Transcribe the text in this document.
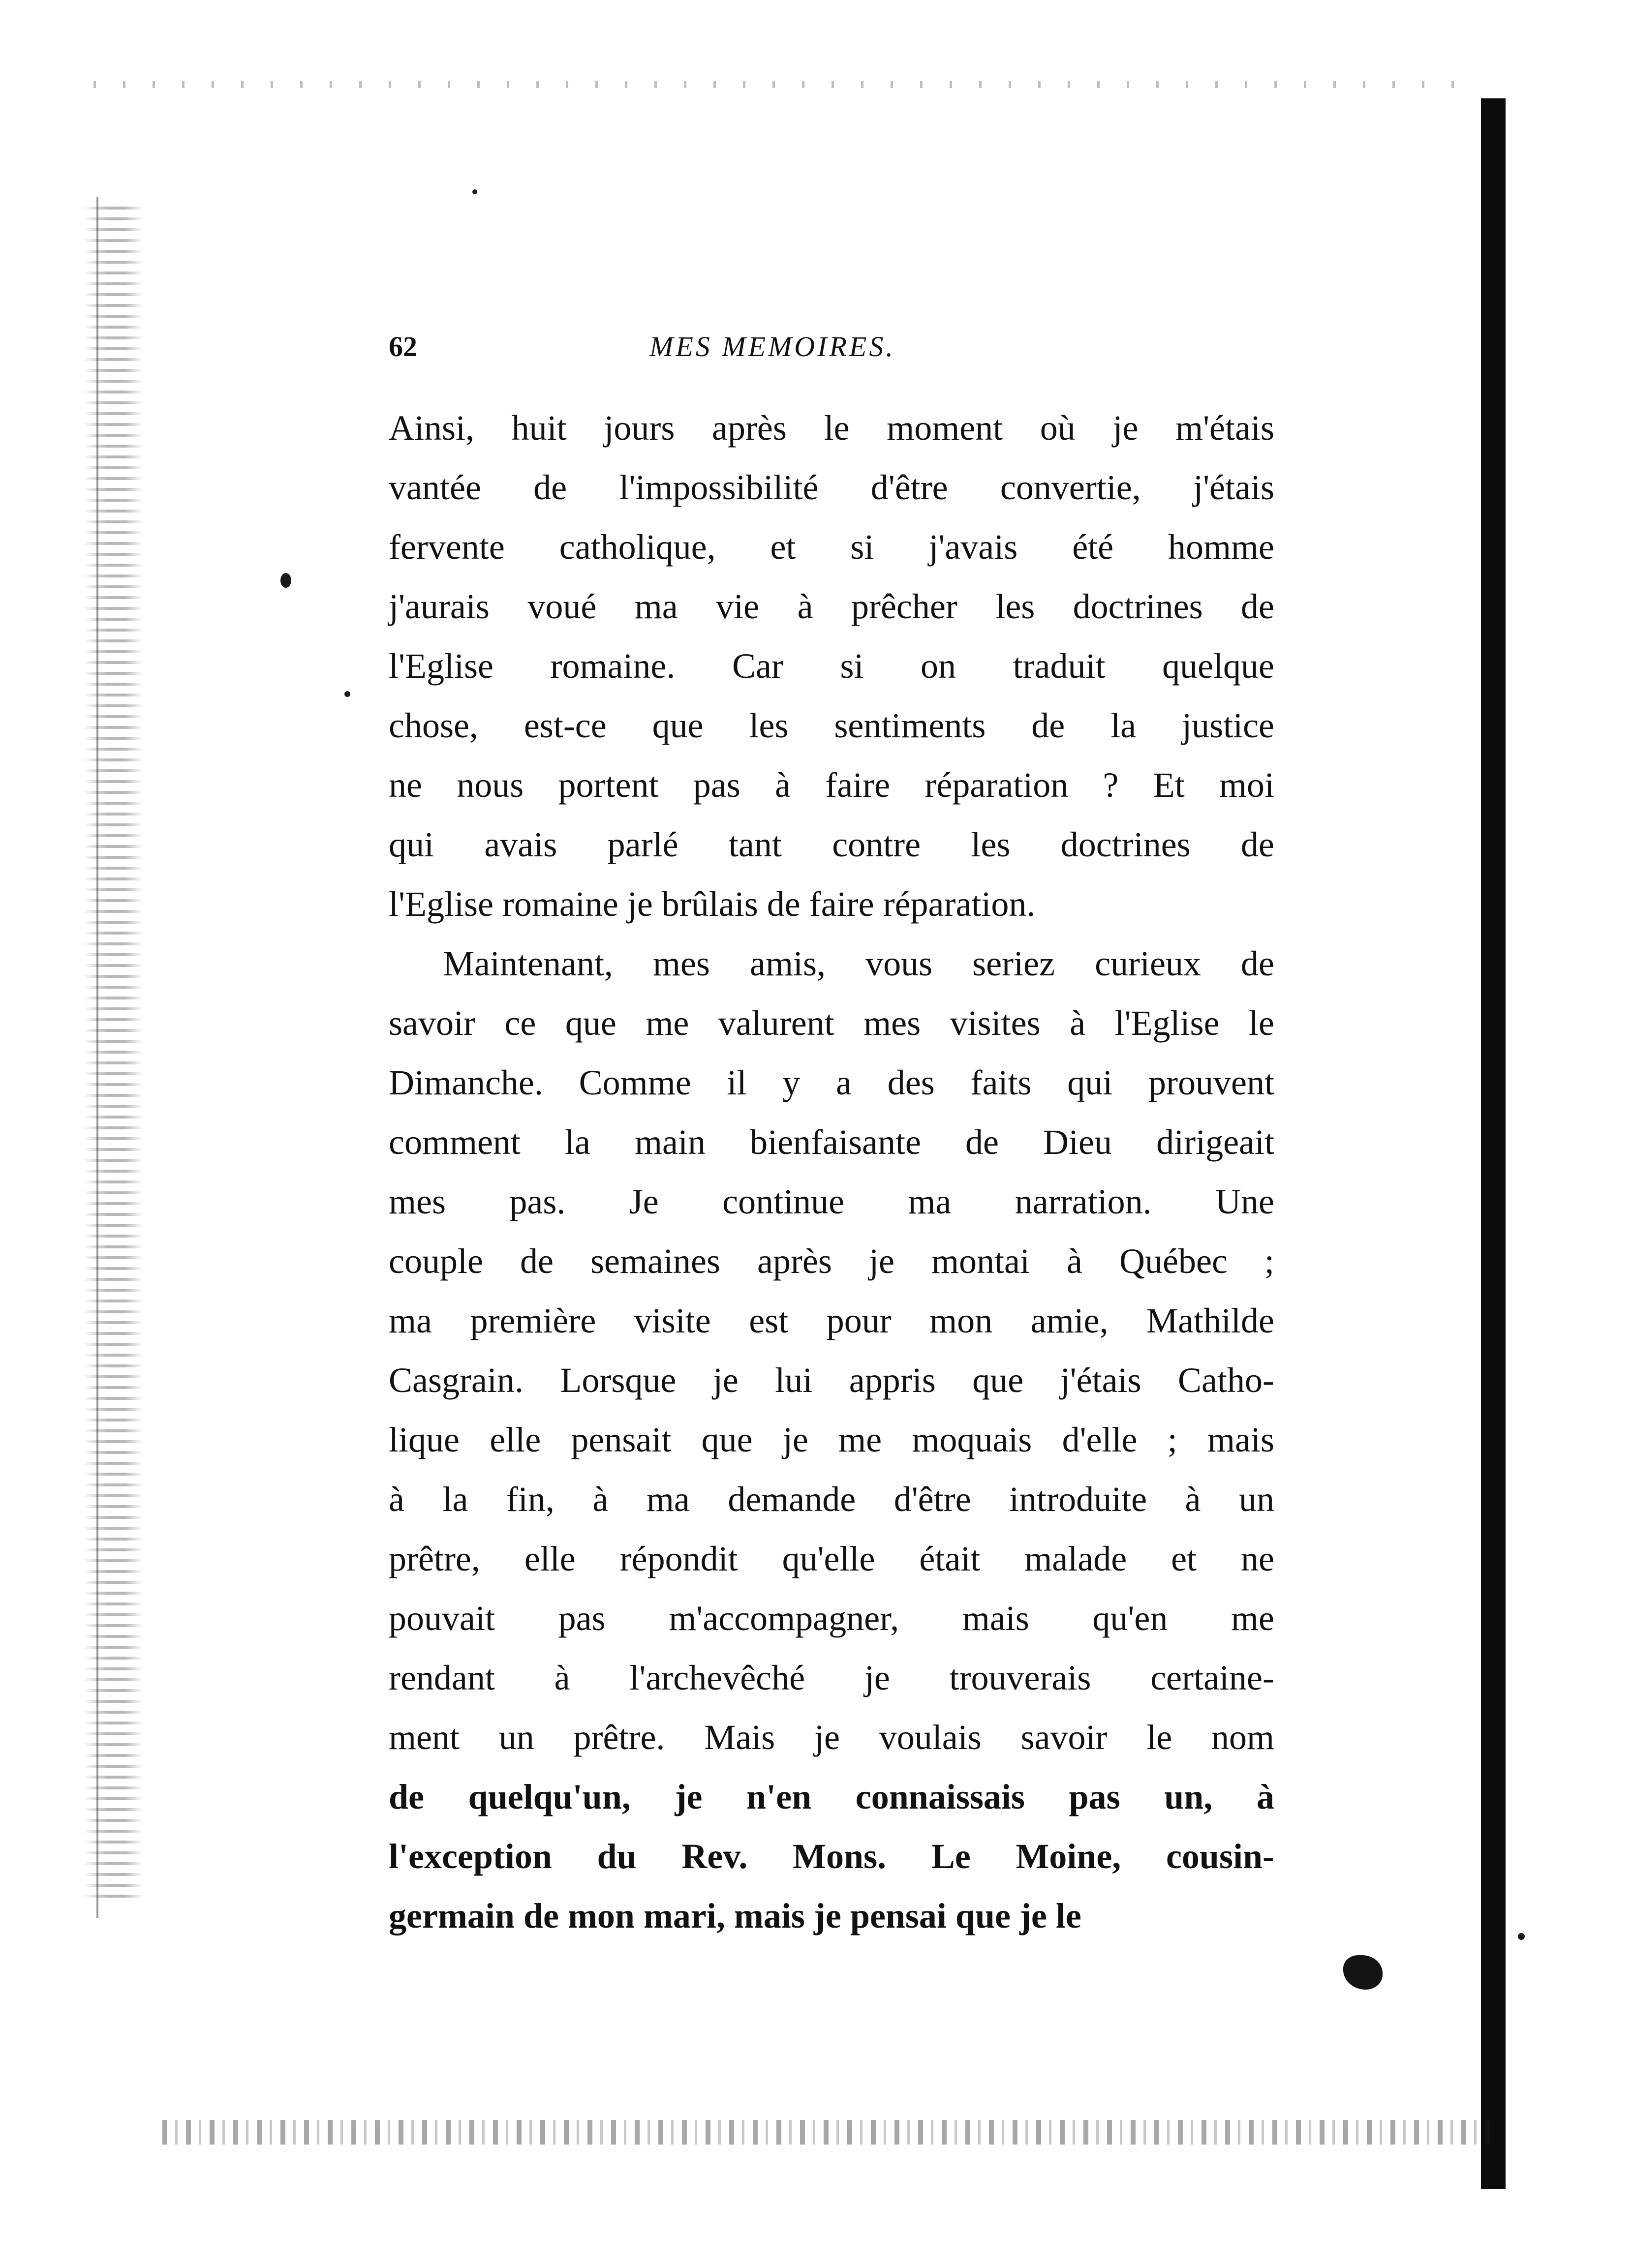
62	MES MEMOIRES.
Ainsi, huit jours après le moment où je m'étais
vantée de l'impossibilité d'être convertie, j'étais
fervente catholique, et si j'avais été homme
j'aurais voué ma vie à prêcher les doctrines de
l'Eglise romaine. Car si on traduit quelque
chose, est-ce que les sentiments de la justice
ne nous portent pas à faire réparation ? Et moi
qui avais parlé tant contre les doctrines de
l'Eglise romaine je brûlais de faire réparation.
Maintenant, mes amis, vous seriez curieux de
savoir ce que me valurent mes visites à l'Eglise le
Dimanche. Comme il y a des faits qui prouvent
comment la main bienfaisante de Dieu dirigeait
mes pas. Je continue ma narration. Une
couple de semaines après je montai à Québec ;
ma première visite est pour mon amie, Mathilde
Casgrain. Lorsque je lui appris que j'étais Catho-
lique elle pensait que je me moquais d'elle ; mais
à la fin, à ma demande d'être introduite à un
prêtre, elle répondit qu'elle était malade et ne
pouvait pas m'accompagner, mais qu'en me
rendant à l'archevêché je trouverais certaine-
ment un prêtre. Mais je voulais savoir le nom
de quelqu'un, je n'en connaissais pas un, à
l'exception du Rev. Mons. Le Moine, cousin-
germain de mon mari, mais je pensai que je le
